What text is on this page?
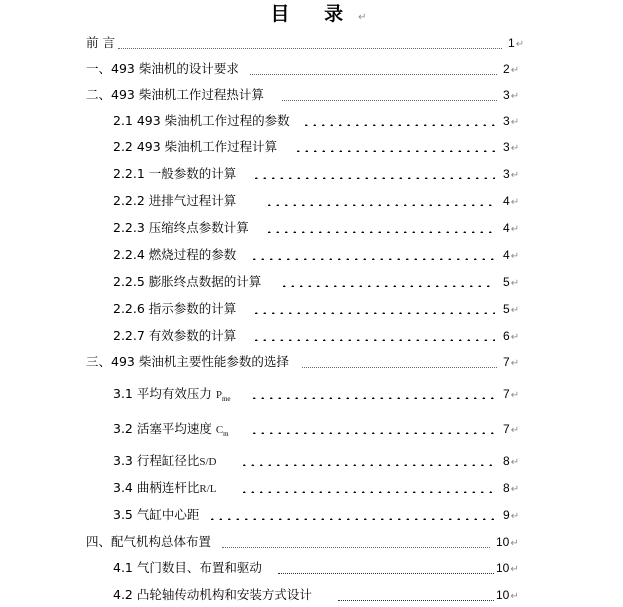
目 录↵
前 言	1↵
一、493 柴油机的设计要求	2↵
二、493 柴油机工作过程热计算	3↵
2.1 493 柴油机工作过程的参数	3↵
2.2 493 柴油机工作过程计算	3↵
2.2.1 一般参数的计算	3↵
2.2.2 进排气过程计算	4↵
2.2.3 压缩终点参数计算	4↵
2.2.4 燃烧过程的参数	4↵
2.2.5 膨胀终点数据的计算	5↵
2.2.6 指示参数的计算	5↵
2.2.7 有效参数的计算	6↵
三、493 柴油机主要性能参数的选择	7↵
3.1 平均有效压力 $P_{me}$	7↵
3.2 活塞平均速度 $C_m$	7↵
3.3 行程缸径比S/D	8↵
3.4 曲柄连杆比R/L	8↵
3.5 气缸中心距	9↵
四、配气机构总体布置	10↵
4.1 气门数目、布置和驱动	10↵
4.2 凸轮轴传动机构和安装方式设计	10↵
